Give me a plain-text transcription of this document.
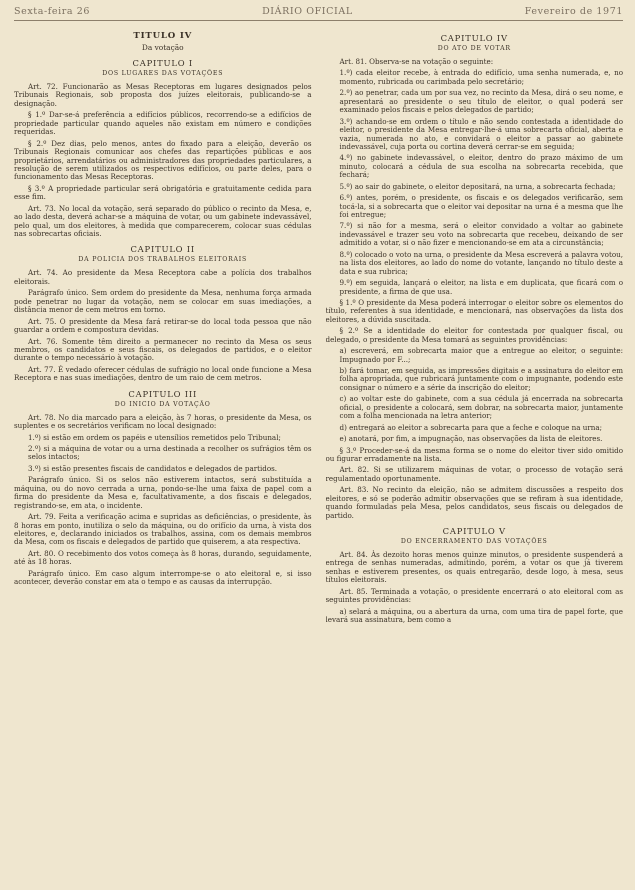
Sexta-feira 26	DIÁRIO OFICIAL	Fevereiro de 1971
TITULO IV
Da votação
CAPITULO I
DOS LUGARES DAS VOTAÇÕES

Art. 72. Funcionarão as Mesas Receptoras em lugares designados pelos Tribunais Regionais, sob proposta dos juízes eleitorais, publicando-se a designação.

§ 1.º Dar-se-á preferência a edifícios públicos, recorrendo-se a edifícios de propriedade particular quando aqueles não existam em número e condições requeridas.

§ 2.º Dez dias, pelo menos, antes do fixado para a eleição, deverão os Tribunais Regionais comunicar aos chefes das repartições públicas e aos proprietários, arrendatários ou administradores das propriedades particulares, a resolução de serem utilizados os respectivos edifícios, ou parte deles, para o funcionamento das Mesas Receptoras.

§ 3.º A propriedade particular será obrigatória e gratuitamente cedida para esse fim.

Art. 73. No local da votação, será separado do público o recinto da Mesa, e, ao lado desta, deverá achar-se a máquina de votar, ou um gabinete indevassável, pelo qual, um dos eleitores, à medida que comparecerem, colocar suas cédulas nas sobrecartas oficiais.

CAPITULO II
DA POLICIA DOS TRABALHOS ELEITORAIS

Art. 74. Ao presidente da Mesa Receptora cabe a polícia dos trabalhos eleitorais.

Parágrafo único. Sem ordem do presidente da Mesa, nenhuma força armada pode penetrar no lugar da votação, nem se colocar em suas imediações, a distância menor de cem metros em torno.

Art. 75. O presidente da Mesa fará retirar-se do local toda pessoa que não guardar a ordem e compostura devidas.

Art. 76. Somente têm direito a permanecer no recinto da Mesa os seus membros, os candidatos e seus fiscais, os delegados de partidos, e o eleitor durante o tempo necessário à votação.

Art. 77. É vedado oferecer cédulas de sufrágio no local onde funcione a Mesa Receptora e nas suas imediações, dentro de um raio de cem metros.

CAPITULO III
DO INICIO DA VOTAÇÃO

Art. 78. No dia marcado para a eleição, às 7 horas, o presidente da Mesa, os suplentes e os secretários verificam no local designado:

1.º) si estão em ordem os papéis e utensílios remetidos pelo Tribunal;

2.º) si a máquina de votar ou a urna destinada a recolher os sufrágios têm os selos intactos;

3.º) si estão presentes fiscais de candidatos e delegados de partidos.

Parágrafo único. Si os selos não estiverem intactos, será substituída a máquina, ou do novo cerrada a urna, pondo-se-lhe uma faixa de papel com a firma do presidente da Mesa e, facultativamente, a dos fiscais e delegados, registrando-se, em ata, o incidente.

Art. 79. Feita a verificação acima e supridas as deficiências, o presidente, às 8 horas em ponto, inutiliza o selo da máquina, ou do orifício da urna, à vista dos eleitores, e, declarando iniciados os trabalhos, assina, com os demais membros da Mesa, com os fiscais e delegados de partido que quiserem, a ata respectiva.

Art. 80. O recebimento dos votos começa às 8 horas, durando, seguidamente, até às 18 horas.

Parágrafo único. Em caso algum interrompe-se o ato eleitoral e, si isso acontecer, deverão constar em ata o tempo e as causas da interrupção.

CAPITULO IV
DO ATO DE VOTAR

Art. 81. Observa-se na votação o seguinte:

1.º) cada eleitor recebe, à entrada do edifício, uma senha numerada, e, no momento, rubricada ou carimbada pelo secretário;

2.º) ao penetrar, cada um por sua vez, no recinto da Mesa, dirá o seu nome, e apresentará ao presidente o seu título de eleitor, o qual poderá ser examinado pelos fiscais e pelos delegados de partido;

3.º) achando-se em ordem o título e não sendo contestada a identidade do eleitor, o presidente da Mesa entregar-lhe-á uma sobrecarta oficial, aberta e vazia, numerada no ato, e convidará o eleitor a passar ao gabinete indevassável, cuja porta ou cortina deverá cerrar-se em seguida;

4.º) no gabinete indevassável, o eleitor, dentro do prazo máximo de um minuto, colocará a cédula de sua escolha na sobrecarta recebida, que fechará;

5.º) ao sair do gabinete, o eleitor depositará, na urna, a sobrecarta fechada;

6.º) antes, porém, o presidente, os fiscais e os delegados verificarão, sem tocá-la, si a sobrecarta que o eleitor vai depositar na urna é a mesma que lhe foi entregue;

7.º) si não for a mesma, será o eleitor convidado a voltar ao gabinete indevassável e trazer seu voto na sobrecarta que recebeu, deixando de ser admitido a votar, si o não fizer e mencionando-se em ata a circunstância;

8.º) colocado o voto na urna, o presidente da Mesa escreverá a palavra votou, na lista dos eleitores, ao lado do nome do votante, lançando no título deste a data e sua rubrica;

9.º) em seguida, lançará o eleitor, na lista e em duplicata, que ficará com o presidente, a firma de que usa.

§ 1.º O presidente da Mesa poderá interrogar o eleitor sobre os elementos do título, referentes à sua identidade, e mencionará, nas observações da lista dos eleitores, a dúvida suscitada.

§ 2.º Se a identidade do eleitor for contestada por qualquer fiscal, ou delegado, o presidente da Mesa tomará as seguintes providências:

a) escreverá, em sobrecarta maior que a entregue ao eleitor, o seguinte: Impugnado por F...;

b) fará tomar, em seguida, as impressões digitais e a assinatura do eleitor em folha apropriada, que rubricará juntamente com o impugnante, podendo este consignar o número e a série da inscrição do eleitor;

c) ao voltar este do gabinete, com a sua cédula já encerrada na sobrecarta oficial, o presidente a colocará, sem dobrar, na sobrecarta maior, juntamente com a folha mencionada na letra anterior;

d) entregará ao eleitor a sobrecarta para que a feche e coloque na urna;

e) anotará, por fim, a impugnação, nas observações da lista de eleitores.

§ 3.º Proceder-se-á da mesma forma se o nome do eleitor tiver sido omitido ou figurar erradamente na lista.

Art. 82. Si se utilizarem máquinas de votar, o processo de votação será regulamentado oportunamente.

Art. 83. No recinto da eleição, não se admitem discussões a respeito dos eleitores, e só se poderão admitir observações que se refiram à sua identidade, quando formuladas pela Mesa, pelos candidatos, seus fiscais ou delegados de partido.

CAPITULO V
DO ENCERRAMENTO DAS VOTAÇÕES

Art. 84. Às dezoito horas menos quinze minutos, o presidente suspenderá a entrega de senhas numeradas, admitindo, porém, a votar os que já tiverem senhas e estiverem presentes, os quais entregarão, desde logo, à mesa, seus títulos eleitorais.

Art. 85. Terminada a votação, o presidente encerrará o ato eleitoral com as seguintes providências:

a) selará a máquina, ou a abertura da urna, com uma tira de papel forte, que levará sua assinatura, bem como a
